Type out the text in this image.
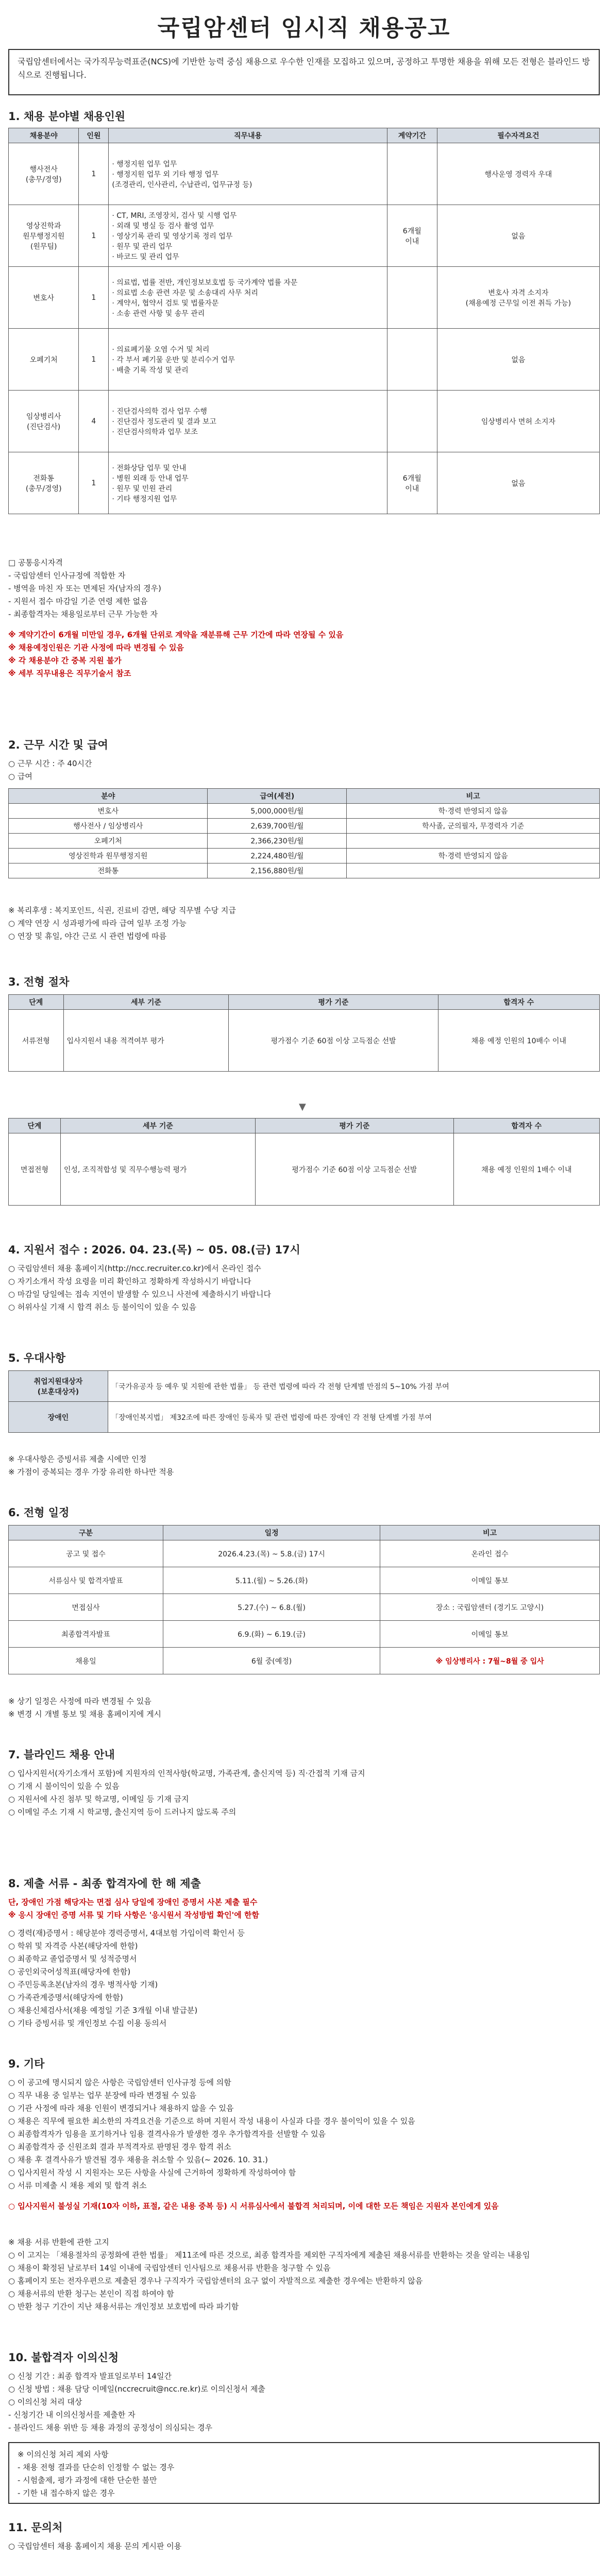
국립암센터 임시직 채용공고
국립암센터에서는 국가직무능력표준(NCS)에 기반한 능력 중심 채용으로 우수한 인재를 모집하고 있으며, 공정하고 투명한 채용을 위해 모든 전형은 블라인드 방식으로 진행됩니다.
1. 채용 분야별 채용인원
채용분야	인원	직무내용	계약기간	필수자격요건
행사전사
(총무/경영)	1	· 행정지원 업무 업무
· 행정지원 업무 외 기타 행정 업무
(조경관리, 인사관리, 수납관리, 업무규정 등)		행사운영 경력자 우대
영상진학과
원무행정지원
(원무팀)	1	· CT, MRI, 조영장치, 검사 및 시행 업무
· 외래 및 병실 등 검사 촬영 업무
· 영상기록 관리 및 영상기록 정리 업무
· 원무 및 관리 업무
· 바코드 및 관리 업무	6개월
이내	없음
변호사	1	· 의료법, 법률 전반, 개인정보보호법 등 국가계약 법률 자문
· 의료법 소송 관련 자문 및 소송대리 사무 처리
· 계약서, 협약서 검토 및 법률자문
· 소송 관련 사항 및 송무 관리		변호사 자격 소지자
(채용예정 근무일 이전 취득 가능)
오페기처	1	· 의료폐기물 오염 수거 및 처리
· 각 부서 폐기물 운반 및 분리수거 업무
· 배출 기록 작성 및 관리		없음
임상병리사
(진단검사)	4	· 진단검사의학 검사 업무 수행
· 진단검사 정도관리 및 결과 보고
· 진단검사의학과 업무 보조		임상병리사 면허 소지자
전화통
(총무/경영)	1	· 전화상담 업무 및 안내
· 병원 외래 등 안내 업무
· 원무 및 민원 관리
· 기타 행정지원 업무	6개월
이내	없음
□ 공통응시자격
- 국립암센터 인사규정에 적합한 자
- 병역을 마친 자 또는 면제된 자(남자의 경우)
- 지원서 접수 마감일 기준 연령 제한 없음
- 최종합격자는 채용일로부터 근무 가능한 자
※ 계약기간이 6개월 미만일 경우, 6개월 단위로 계약을 재분류해 근무 기간에 따라 연장될 수 있음
※ 채용예정인원은 기관 사정에 따라 변경될 수 있음
※ 각 채용분야 간 중복 지원 불가
※ 세부 직무내용은 직무기술서 참조
2. 근무 시간 및 급여
○ 근무 시간 : 주 40시간
○ 급여
분야	급여(세전)	비고
변호사	5,000,000원/월	학·경력 반영되지 않음
행사전사 / 임상병리사	2,639,700원/월	학사졸, 군의필자, 무경력자 기준
오페기처	2,366,230원/월	
영상진학과 원무행정지원	2,224,480원/월	학·경력 반영되지 않음
전화통	2,156,880원/월	
※ 복리후생 : 복지포인트, 식권, 진료비 감면, 해당 직무별 수당 지급
○ 계약 연장 시 성과평가에 따라 급여 일부 조정 가능
○ 연장 및 휴일, 야간 근로 시 관련 법령에 따름
3. 전형 절차
단계	세부 기준	평가 기준	합격자 수
서류전형	입사지원서 내용 적격여부 평가	평가점수 기준 60점 이상 고득점순 선발	채용 예정 인원의 10배수 이내
▼
단계	세부 기준	평가 기준	합격자 수
면접전형	인성, 조직적합성 및 직무수행능력 평가	평가점수 기준 60점 이상 고득점순 선발	채용 예정 인원의 1배수 이내
4. 지원서 접수 : 2026. 04. 23.(목) ~ 05. 08.(금) 17시
○ 국립암센터 채용 홈페이지(http://ncc.recruiter.co.kr)에서 온라인 접수
○ 자기소개서 작성 요령을 미리 확인하고 정확하게 작성하시기 바랍니다
○ 마감일 당일에는 접속 지연이 발생할 수 있으니 사전에 제출하시기 바랍니다
○ 허위사실 기재 시 합격 취소 등 불이익이 있을 수 있음
5. 우대사항
취업지원대상자
(보훈대상자)	「국가유공자 등 예우 및 지원에 관한 법률」 등 관련 법령에 따라 각 전형 단계별 만점의 5~10% 가점 부여
장애인	「장애인복지법」 제32조에 따른 장애인 등록자 및 관련 법령에 따른 장애인 각 전형 단계별 가점 부여
※ 우대사항은 증빙서류 제출 시에만 인정
※ 가점이 중복되는 경우 가장 유리한 하나만 적용
6. 전형 일정
구분	일정	비고
공고 및 접수	2026.4.23.(목) ~ 5.8.(금) 17시	온라인 접수
서류심사 및 합격자발표	5.11.(월) ~ 5.26.(화)	이메일 통보
면접심사	5.27.(수) ~ 6.8.(월)	장소 : 국립암센터 (경기도 고양시)
최종합격자발표	6.9.(화) ~ 6.19.(금)	이메일 통보
채용일	6월 중(예정)	※ 임상병리사 : 7월~8월 중 입사
※ 상기 일정은 사정에 따라 변경될 수 있음
※ 변경 시 개별 통보 및 채용 홈페이지에 게시
7. 블라인드 채용 안내
○ 입사지원서(자기소개서 포함)에 지원자의 인적사항(학교명, 가족관계, 출신지역 등) 직·간접적 기재 금지
○ 기재 시 불이익이 있을 수 있음
○ 지원서에 사진 첨부 및 학교명, 이메일 등 기재 금지
○ 이메일 주소 기재 시 학교명, 출신지역 등이 드러나지 않도록 주의
8. 제출 서류 - 최종 합격자에 한 해 제출
단, 장애인 가점 해당자는 면접 심사 당일에 장애인 증명서 사본 제출 필수
※ 응시 장애인 증명 서류 및 기타 사항은 '응시원서 작성방법 확인'에 한함
○ 경력(재)증명서 : 해당분야 경력증명서, 4대보험 가입이력 확인서 등
○ 학위 및 자격증 사본(해당자에 한함)
○ 최종학교 졸업증명서 및 성적증명서
○ 공인외국어성적표(해당자에 한함)
○ 주민등록초본(남자의 경우 병적사항 기재)
○ 가족관계증명서(해당자에 한함)
○ 채용신체검사서(채용 예정일 기준 3개월 이내 발급분)
○ 기타 증빙서류 및 개인정보 수집 이용 동의서
9. 기타
○ 이 공고에 명시되지 않은 사항은 국립암센터 인사규정 등에 의함
○ 직무 내용 중 일부는 업무 분장에 따라 변경될 수 있음
○ 기관 사정에 따라 채용 인원이 변경되거나 채용하지 않을 수 있음
○ 채용은 직무에 필요한 최소한의 자격요건을 기준으로 하며 지원서 작성 내용이 사실과 다를 경우 불이익이 있을 수 있음
○ 최종합격자가 임용을 포기하거나 임용 결격사유가 발생한 경우 추가합격자를 선발할 수 있음
○ 최종합격자 중 신원조회 결과 부적격자로 판명된 경우 합격 취소
○ 채용 후 결격사유가 발견될 경우 채용을 취소할 수 있음(~ 2026. 10. 31.)
○ 입사지원서 작성 시 지원자는 모든 사항을 사실에 근거하여 정확하게 작성하여야 함
○ 서류 미제출 시 채용 제외 및 합격 취소
○ 입사지원서 불성실 기재(10자 이하, 표절, 같은 내용 중복 등) 시 서류심사에서 불합격 처리되며, 이에 대한 모든 책임은 지원자 본인에게 있음
※ 채용 서류 반환에 관한 고지
○ 이 고지는 「채용절차의 공정화에 관한 법률」 제11조에 따른 것으로, 최종 합격자를 제외한 구직자에게 제출된 채용서류를 반환하는 것을 알리는 내용임
○ 채용이 확정된 날로부터 14일 이내에 국립암센터 인사팀으로 채용서류 반환을 청구할 수 있음
○ 홈페이지 또는 전자우편으로 제출된 경우나 구직자가 국립암센터의 요구 없이 자발적으로 제출한 경우에는 반환하지 않음
○ 채용서류의 반환 청구는 본인이 직접 하여야 함
○ 반환 청구 기간이 지난 채용서류는 개인정보 보호법에 따라 파기함
10. 불합격자 이의신청
○ 신청 기간 : 최종 합격자 발표일로부터 14일간
○ 신청 방법 : 채용 담당 이메일(nccrecruit@ncc.re.kr)로 이의신청서 제출
○ 이의신청 처리 대상
- 신청기간 내 이의신청서를 제출한 자
- 블라인드 채용 위반 등 채용 과정의 공정성이 의심되는 경우
※ 이의신청 처리 제외 사항
- 채용 전형 결과를 단순히 인정할 수 없는 경우
- 시험출제, 평가 과정에 대한 단순한 불만
- 기한 내 접수하지 않은 경우
11. 문의처
○ 국립암센터 채용 홈페이지 채용 문의 게시판 이용
